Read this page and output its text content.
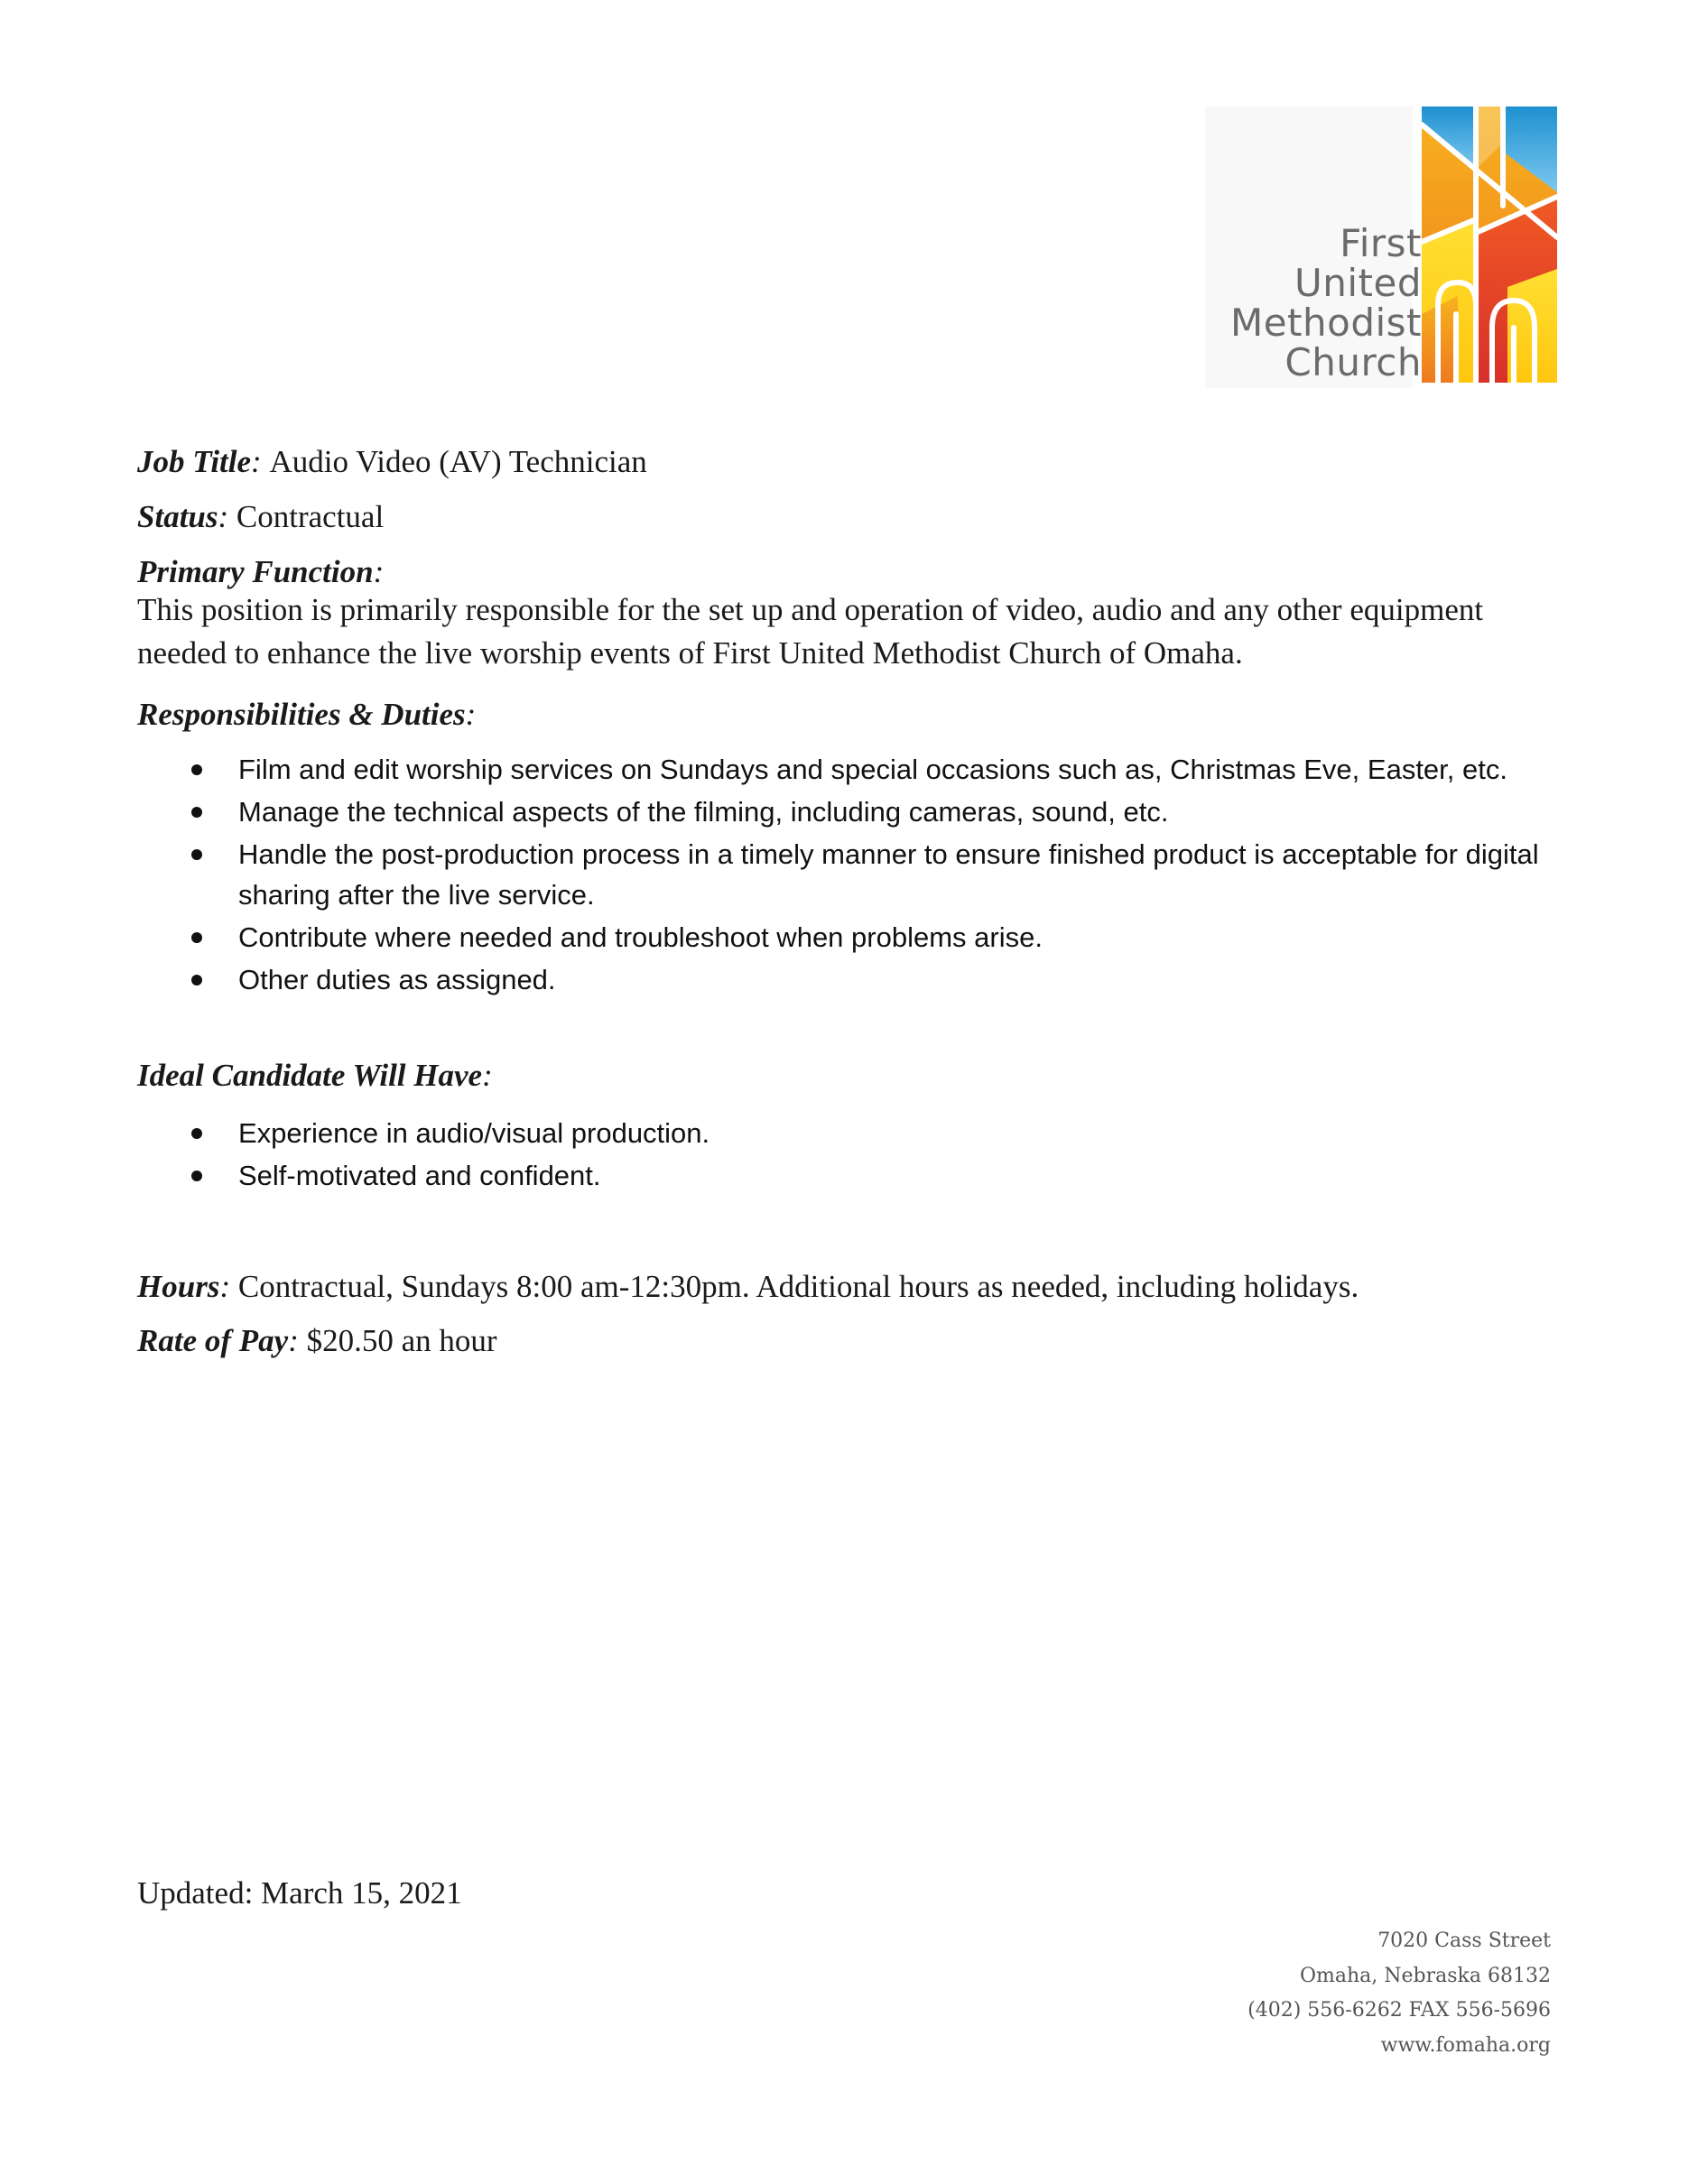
First
United
Methodist
Church
Job Title: Audio Video (AV) Technician
Status: Contractual
Primary Function:
This position is primarily responsible for the set up and operation of video, audio and any other equipment needed to enhance the live worship events of First United Methodist Church of Omaha.
Responsibilities & Duties:
Film and edit worship services on Sundays and special occasions such as, Christmas Eve, Easter, etc.
Manage the technical aspects of the filming, including cameras, sound, etc.
Handle the post-production process in a timely manner to ensure finished product is acceptable for digital sharing after the live service.
Contribute where needed and troubleshoot when problems arise.
Other duties as assigned.
Ideal Candidate Will Have:
Experience in audio/visual production.
Self-motivated and confident.
Hours: Contractual, Sundays 8:00 am-12:30pm. Additional hours as needed, including holidays.
Rate of Pay: $20.50 an hour
Updated: March 15, 2021
7020 Cass Street
Omaha, Nebraska 68132
(402) 556-6262 FAX 556-5696
www.fomaha.org
